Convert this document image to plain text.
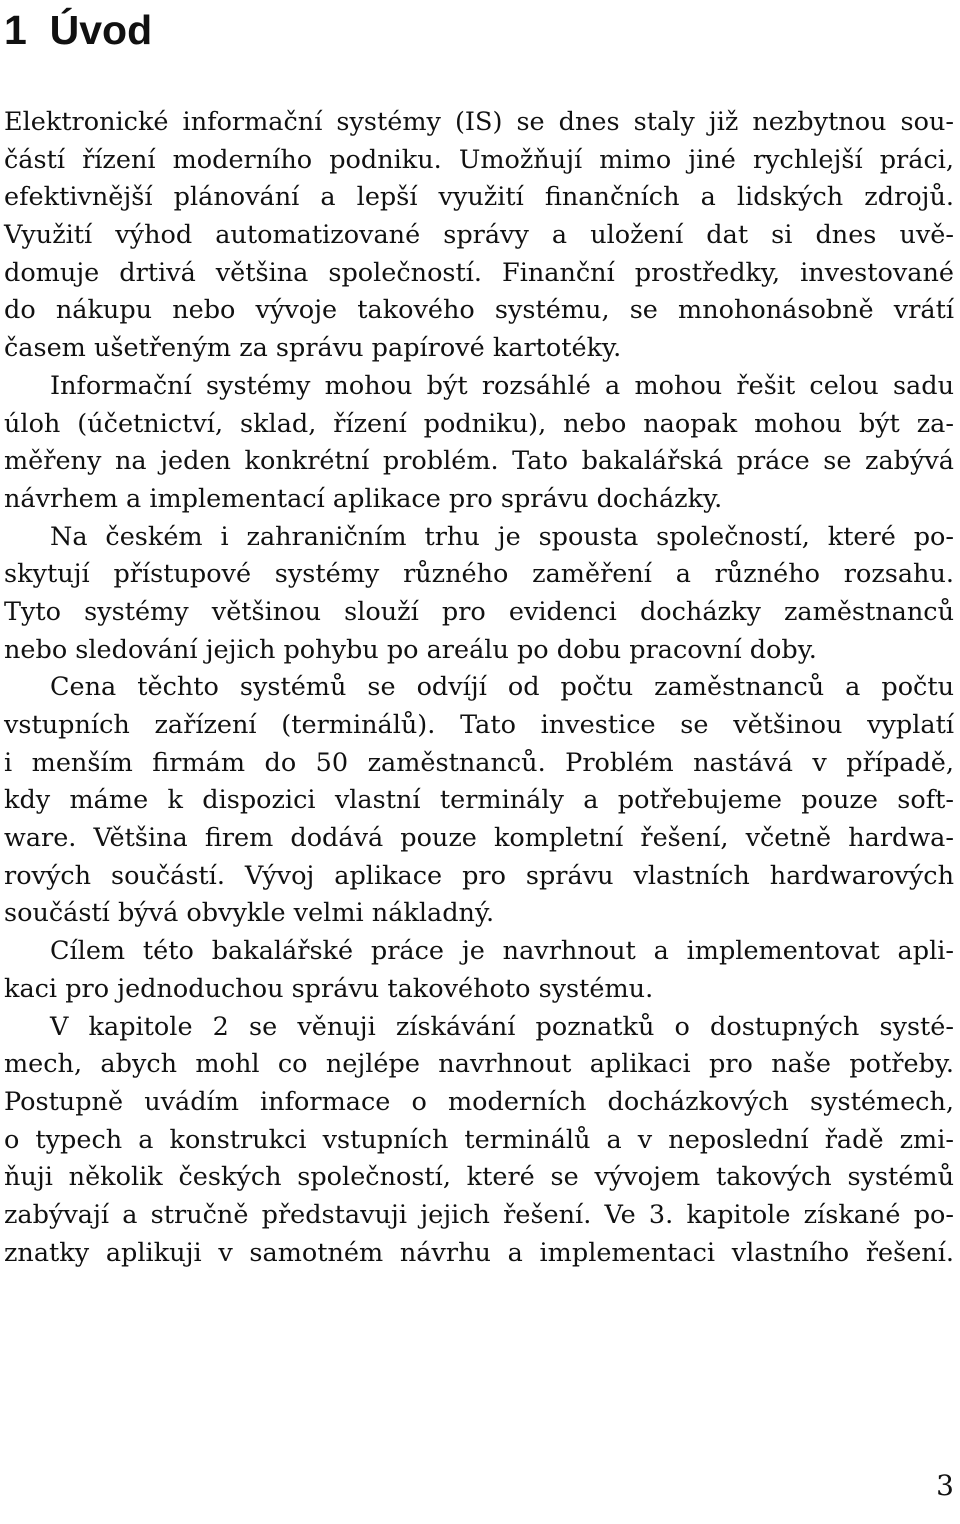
1 Úvod
Elektronické informační systémy (IS) se dnes staly již nezbytnou sou-
částí řízení moderního podniku. Umožňují mimo jiné rychlejší práci,
efektivnější plánování a lepší využití finančních a lidských zdrojů.
Využití výhod automatizované správy a uložení dat si dnes uvě-
domuje drtivá většina společností. Finanční prostředky, investované
do nákupu nebo vývoje takového systému, se mnohonásobně vrátí
časem ušetřeným za správu papírové kartotéky.
Informační systémy mohou být rozsáhlé a mohou řešit celou sadu
úloh (účetnictví, sklad, řízení podniku), nebo naopak mohou být za-
měřeny na jeden konkrétní problém. Tato bakalářská práce se zabývá
návrhem a implementací aplikace pro správu docházky.
Na českém i zahraničním trhu je spousta společností, které po-
skytují přístupové systémy různého zaměření a různého rozsahu.
Tyto systémy většinou slouží pro evidenci docházky zaměstnanců
nebo sledování jejich pohybu po areálu po dobu pracovní doby.
Cena těchto systémů se odvíjí od počtu zaměstnanců a počtu
vstupních zařízení (terminálů). Tato investice se většinou vyplatí
i menším firmám do 50 zaměstnanců. Problém nastává v případě,
kdy máme k dispozici vlastní terminály a potřebujeme pouze soft-
ware. Většina firem dodává pouze kompletní řešení, včetně hardwa-
rových součástí. Vývoj aplikace pro správu vlastních hardwarových
součástí bývá obvykle velmi nákladný.
Cílem této bakalářské práce je navrhnout a implementovat apli-
kaci pro jednoduchou správu takovéhoto systému.
V kapitole 2 se věnuji získávání poznatků o dostupných systé-
mech, abych mohl co nejlépe navrhnout aplikaci pro naše potřeby.
Postupně uvádím informace o moderních docházkových systémech,
o typech a konstrukci vstupních terminálů a v neposlední řadě zmi-
ňuji několik českých společností, které se vývojem takových systémů
zabývají a stručně představuji jejich řešení. Ve 3. kapitole získané po-
znatky aplikuji v samotném návrhu a implementaci vlastního řešení.
3
